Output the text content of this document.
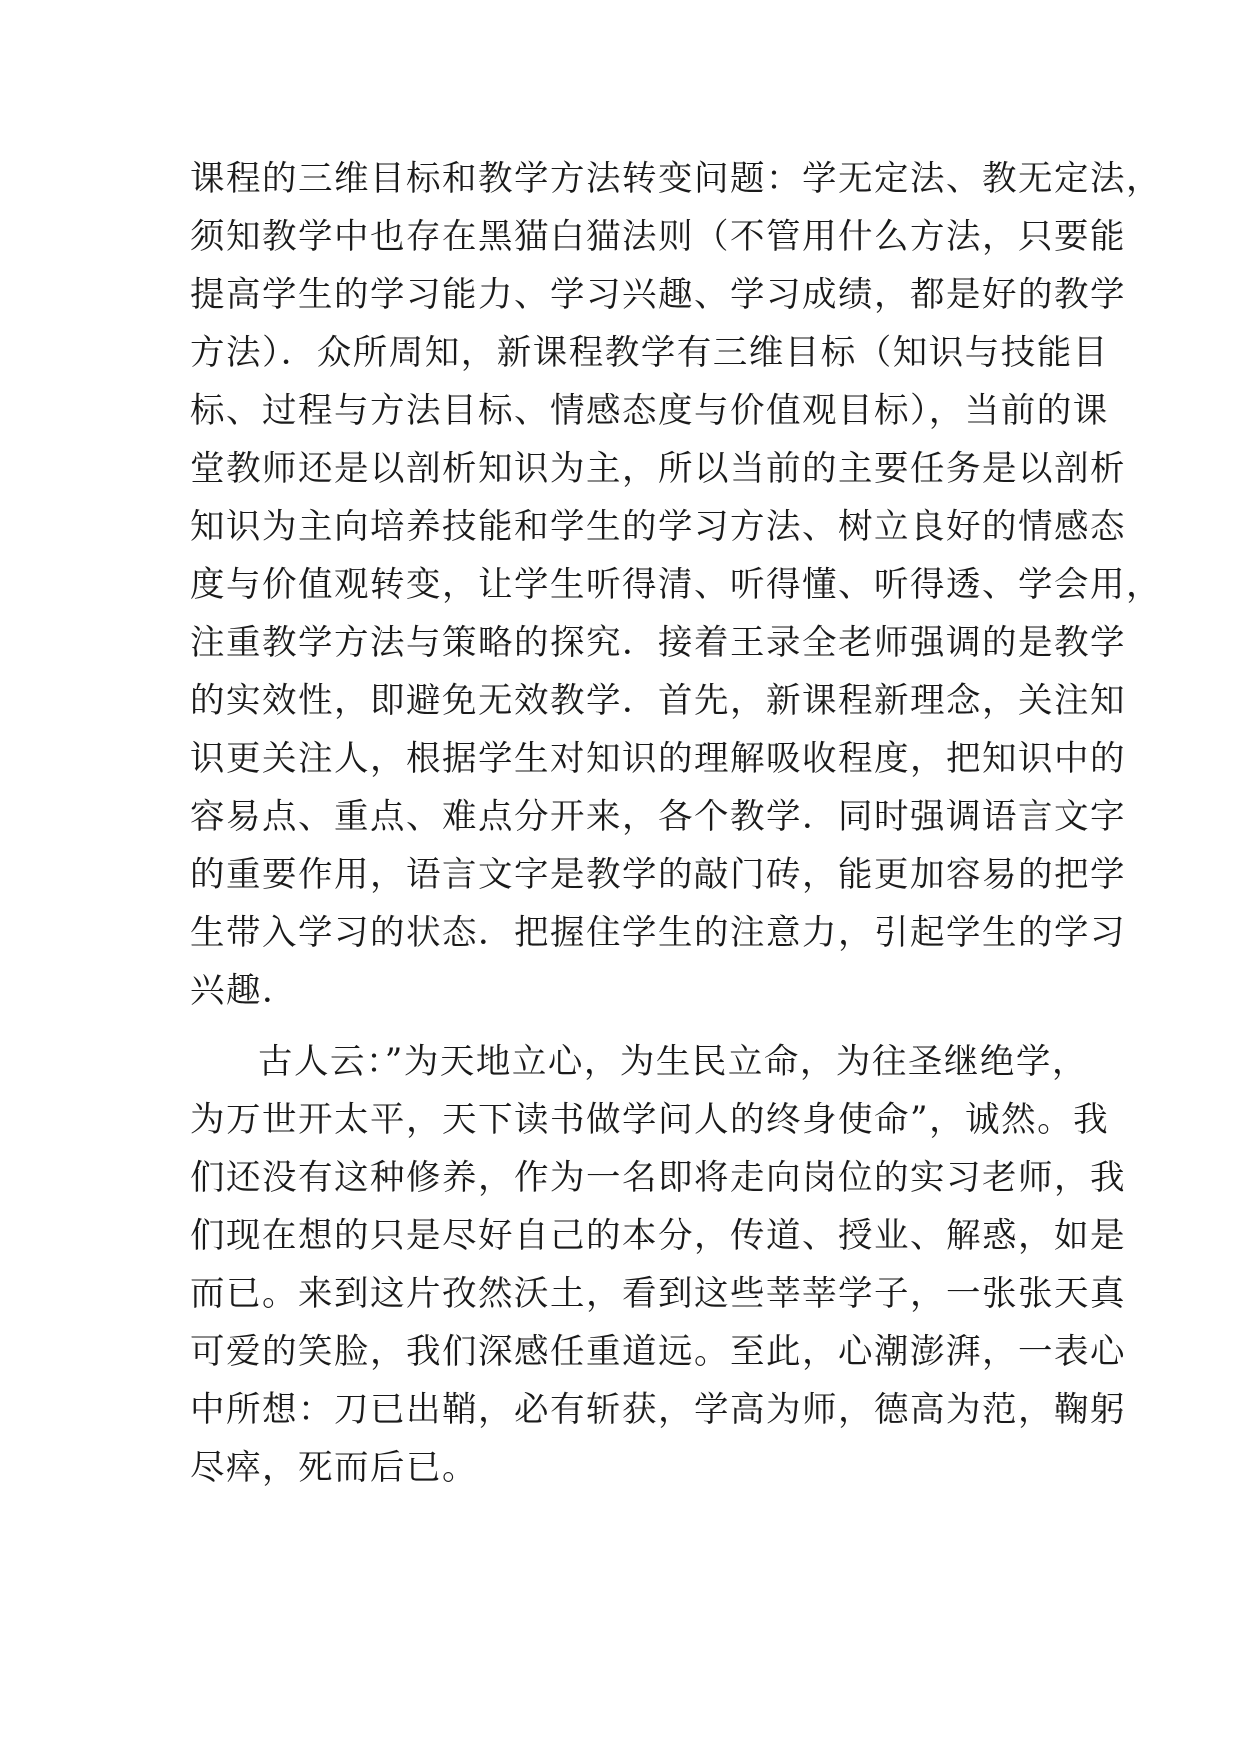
课程的三维目标和教学方法转变问题：学无定法、教无定法，
须知教学中也存在黑猫白猫法则（不管用什么方法，只要能
提高学生的学习能力、学习兴趣、学习成绩，都是好的教学
方法）．众所周知，新课程教学有三维目标（知识与技能目
标、过程与方法目标、情感态度与价值观目标），当前的课
堂教师还是以剖析知识为主，所以当前的主要任务是以剖析
知识为主向培养技能和学生的学习方法、树立良好的情感态
度与价值观转变，让学生听得清、听得懂、听得透、学会用，
注重教学方法与策略的探究．接着王录全老师强调的是教学
的实效性，即避免无效教学．首先，新课程新理念，关注知
识更关注人，根据学生对知识的理解吸收程度，把知识中的
容易点、重点、难点分开来，各个教学．同时强调语言文字
的重要作用，语言文字是教学的敲门砖，能更加容易的把学
生带入学习的状态．把握住学生的注意力，引起学生的学习
兴趣．
古人云：”为天地立心，为生民立命，为往圣继绝学，
为万世开太平，天下读书做学问人的终身使命”，诚然。我
们还没有这种修养，作为一名即将走向岗位的实习老师，我
们现在想的只是尽好自己的本分，传道、授业、解惑，如是
而已。来到这片孜然沃土，看到这些莘莘学子，一张张天真
可爱的笑脸，我们深感任重道远。至此，心潮澎湃，一表心
中所想：刀已出鞘，必有斩获，学高为师，德高为范，鞠躬
尽瘁，死而后已。
